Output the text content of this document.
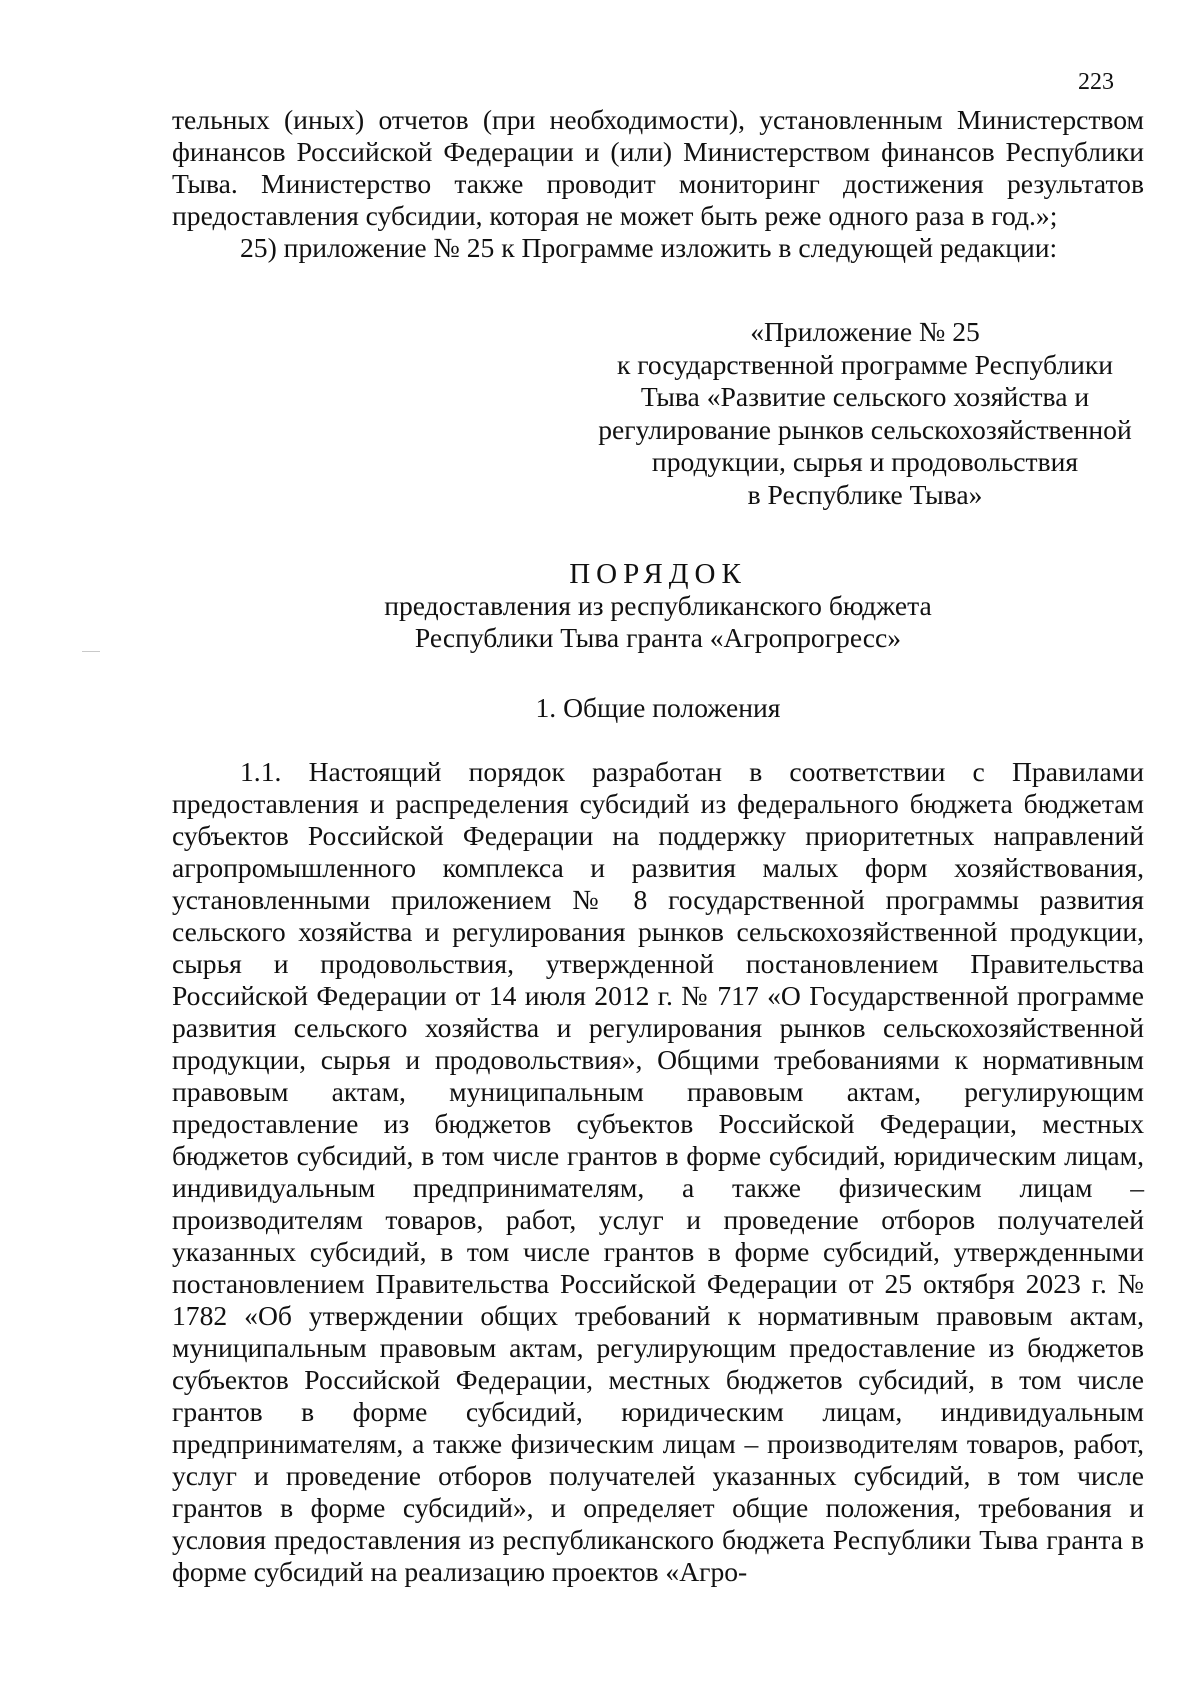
223

тельных (иных) отчетов (при необходимости), установленным Министерством финансов Российской Федерации и (или) Министерством финансов Республики Тыва. Министерство также проводит мониторинг достижения результатов предоставления субсидии, которая не может быть реже одного раза в год.»;

25) приложение № 25 к Программе изложить в следующей редакции:

«Приложение № 25
к государственной программе Республики
Тыва «Развитие сельского хозяйства и
регулирование рынков сельскохозяйственной
продукции, сырья и продовольствия
в Республике Тыва»
ПОРЯДОК
предоставления из республиканского бюджета
Республики Тыва гранта «Агропрогресс»
1. Общие положения

1.1. Настоящий порядок разработан в соответствии с Правилами предоставления и распределения субсидий из федерального бюджета бюджетам субъектов Российской Федерации на поддержку приоритетных направлений агропромышленного комплекса и развития малых форм хозяйствования, установленными приложением № 8 государственной программы развития сельского хозяйства и регулирования рынков сельскохозяйственной продукции, сырья и продовольствия, утвержденной постановлением Правительства Российской Федерации от 14 июля 2012 г. № 717 «О Государственной программе развития сельского хозяйства и регулирования рынков сельскохозяйственной продукции, сырья и продовольствия», Общими требованиями к нормативным правовым актам, муниципальным правовым актам, регулирующим предоставление из бюджетов субъектов Российской Федерации, местных бюджетов субсидий, в том числе грантов в форме субсидий, юридическим лицам, индивидуальным предпринимателям, а также физическим лицам – производителям товаров, работ, услуг и проведение отборов получателей указанных субсидий, в том числе грантов в форме субсидий, утвержденными постановлением Правительства Российской Федерации от 25 октября 2023 г. № 1782 «Об утверждении общих требований к нормативным правовым актам, муниципальным правовым актам, регулирующим предоставление из бюджетов субъектов Российской Федерации, местных бюджетов субсидий, в том числе грантов в форме субсидий, юридическим лицам, индивидуальным предпринимателям, а также физическим лицам – производителям товаров, работ, услуг и проведение отборов получателей указанных субсидий, в том числе грантов в форме субсидий», и определяет общие положения, требования и условия предоставления из республиканского бюджета Республики Тыва гранта в форме субсидий на реализацию проектов «Агро-
